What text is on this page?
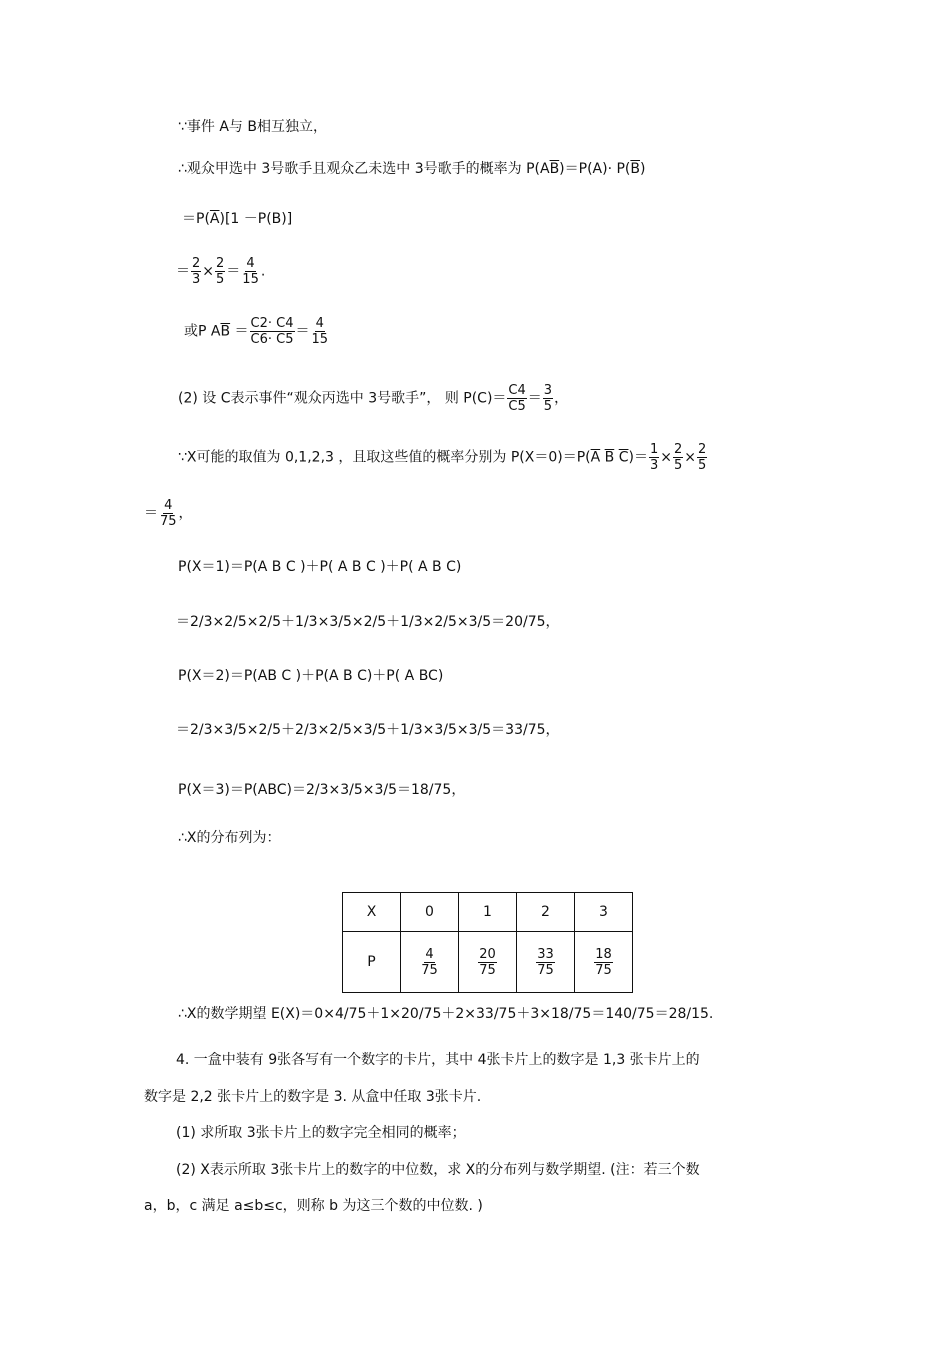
∵事件 A与 B相互独立，
∴观众甲选中 3号歌手且观众乙未选中 3号歌手的概率为 $P(A\overline{B})=P(A)\cdot P(\overline{B})$
$=P(\overline{A})[1 -P(B)]$
＝ $\frac{2}{3} \times \frac{2}{5} = \frac{4}{15}$ .
或P $A\overline{B} = \frac{C2\cdot C4}{C6\cdot C5} = \frac{4}{15}$
(2) 设 C表示事件“观众丙选中 3号歌手”， 则 $P(C)= \frac{C4}{C5} = \frac{3}{5}$ ，
∵X可能的取值为 0,1,2,3 ，且取这些值的概率分别为 $P(X=0)=P(\overline{A}$ $\overline{B}$ $\overline{C})= \frac{1}{3} \times \frac{2}{5} \times \frac{2}{5}$
＝ $\frac{4}{75}$ ，
P(X＝1)＝P(A B C )＋P( A B C )＋P( A B C)
＝2/3×2/5×2/5＋1/3×3/5×2/5＋1/3×2/5×3/5＝20/75，
P(X＝2)＝P(AB C )＋P(A B C)＋P( A BC)
＝2/3×3/5×2/5＋2/3×2/5×3/5＋1/3×3/5×3/5＝33/75，
P(X＝3)＝P(ABC)＝2/3×3/5×3/5＝18/75，
∴X的分布列为：
X	0	1	2	3
P	$\frac{4}{75}$	$\frac{20}{75}$	$\frac{33}{75}$	$\frac{18}{75}$
∴X的数学期望 E(X)＝0×4/75＋1×20/75＋2×33/75＋3×18/75＝140/75＝28/15.
4. 一盒中装有 9张各写有一个数字的卡片，其中 4张卡片上的数字是 1,3 张卡片上的
数字是 2,2 张卡片上的数字是 3. 从盒中任取 3张卡片.
(1) 求所取 3张卡片上的数字完全相同的概率；
(2) X表示所取 3张卡片上的数字的中位数，求 X的分布列与数学期望. (注：若三个数
a，b，c 满足 a≤b≤c，则称 b 为这三个数的中位数. )
